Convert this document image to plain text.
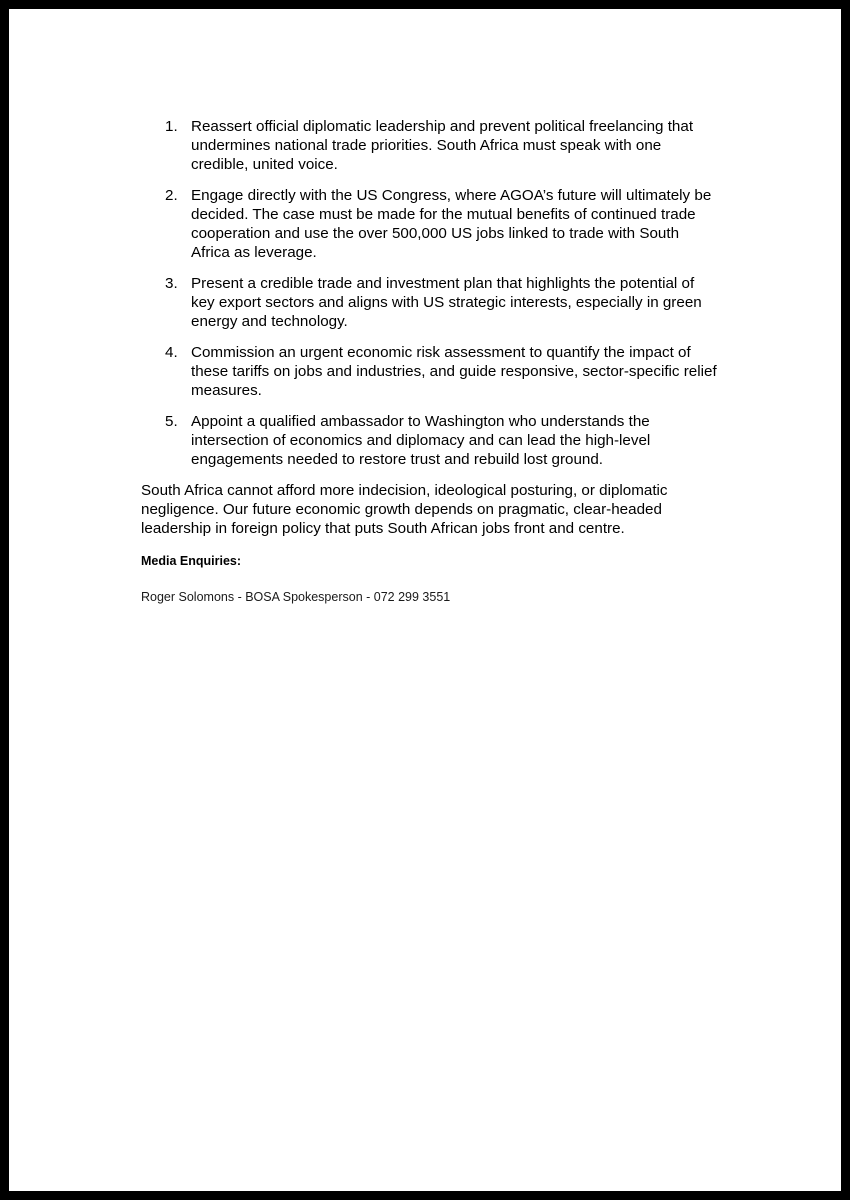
1. Reassert official diplomatic leadership and prevent political freelancing that undermines national trade priorities. South Africa must speak with one credible, united voice.
2. Engage directly with the US Congress, where AGOA’s future will ultimately be decided. The case must be made for the mutual benefits of continued trade cooperation and use the over 500,000 US jobs linked to trade with South Africa as leverage.
3. Present a credible trade and investment plan that highlights the potential of key export sectors and aligns with US strategic interests, especially in green energy and technology.
4. Commission an urgent economic risk assessment to quantify the impact of these tariffs on jobs and industries, and guide responsive, sector-specific relief measures.
5. Appoint a qualified ambassador to Washington who understands the intersection of economics and diplomacy and can lead the high-level engagements needed to restore trust and rebuild lost ground.

South Africa cannot afford more indecision, ideological posturing, or diplomatic negligence. Our future economic growth depends on pragmatic, clear-headed leadership in foreign policy that puts South African jobs front and centre.

Media Enquiries:

Roger Solomons - BOSA Spokesperson - 072 299 3551
